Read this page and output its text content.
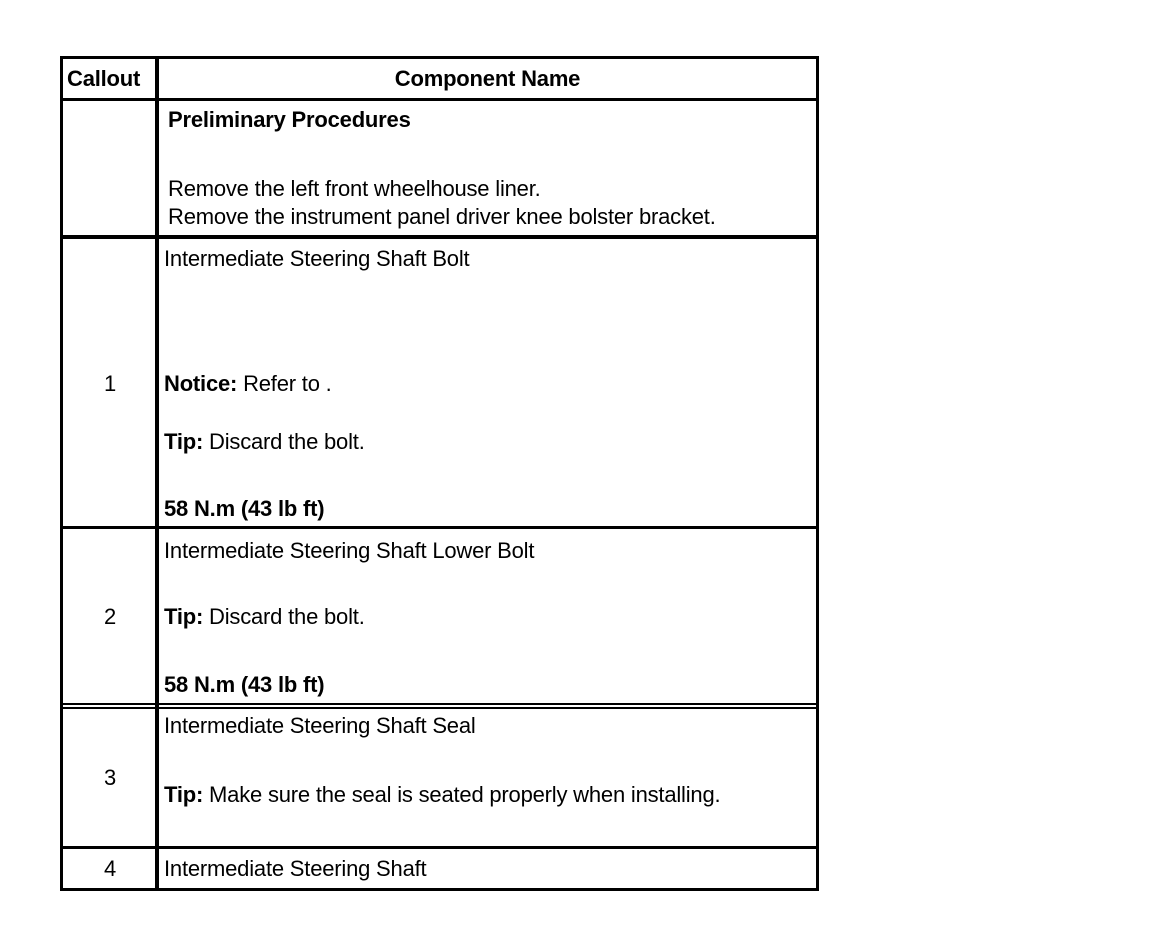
Callout	Component Name
Preliminary Procedures
Remove the left front wheelhouse liner.
Remove the instrument panel driver knee bolster bracket.
1
Intermediate Steering Shaft Bolt
Notice: Refer to .
Tip: Discard the bolt.
58 N.m (43 lb ft)
2
Intermediate Steering Shaft Lower Bolt
Tip: Discard the bolt.
58 N.m (43 lb ft)
3
Intermediate Steering Shaft Seal
Tip: Make sure the seal is seated properly when installing.
4	Intermediate Steering Shaft
